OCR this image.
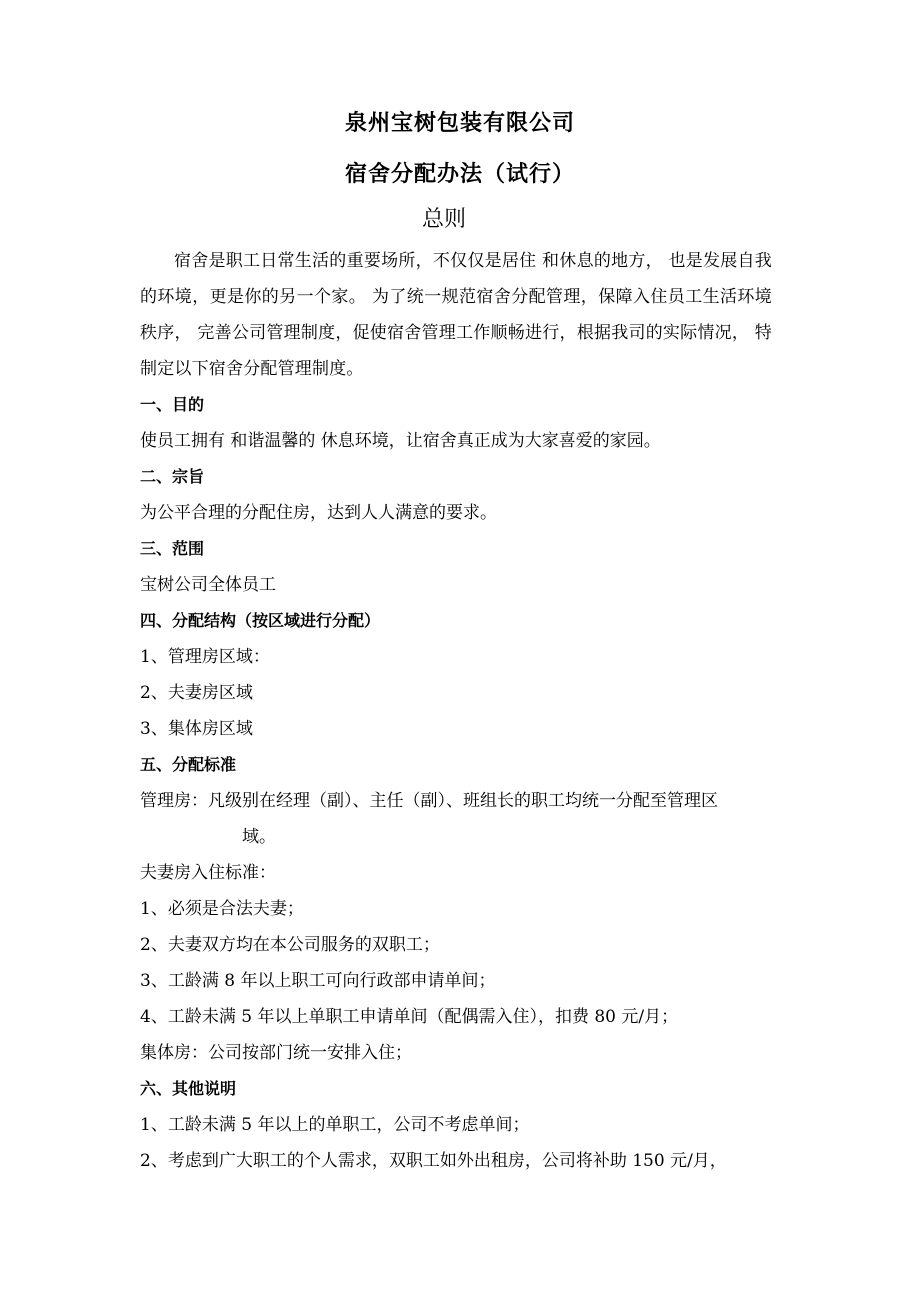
泉州宝树包装有限公司
宿舍分配办法（试行）
总则
宿舍是职工日常生活的重要场所，不仅仅是居住 和休息的地方， 也是发展自我的环境，更是你的另一个家。 为了统一规范宿舍分配管理，保障入住员工生活环境秩序， 完善公司管理制度，促使宿舍管理工作顺畅进行，根据我司的实际情况， 特制定以下宿舍分配管理制度。
一、目的
使员工拥有 和谐温馨的 休息环境，让宿舍真正成为大家喜爱的家园。
二、宗旨
为公平合理的分配住房，达到人人满意的要求。
三、范围
宝树公司全体员工
四、分配结构（按区域进行分配）
1、管理房区域：
2、夫妻房区域
3、集体房区域
五、分配标准
管理房：凡级别在经理（副）、主任（副）、班组长的职工均统一分配至管理区
域。
夫妻房入住标准：
1、必须是合法夫妻；
2、夫妻双方均在本公司服务的双职工；
3、工龄满 8 年以上职工可向行政部申请单间；
4、工龄未满 5 年以上单职工申请单间（配偶需入住），扣费 80 元/月；
集体房：公司按部门统一安排入住；
六、其他说明
1、工龄未满 5 年以上的单职工，公司不考虑单间；
2、考虑到广大职工的个人需求，双职工如外出租房，公司将补助 150 元/月，
